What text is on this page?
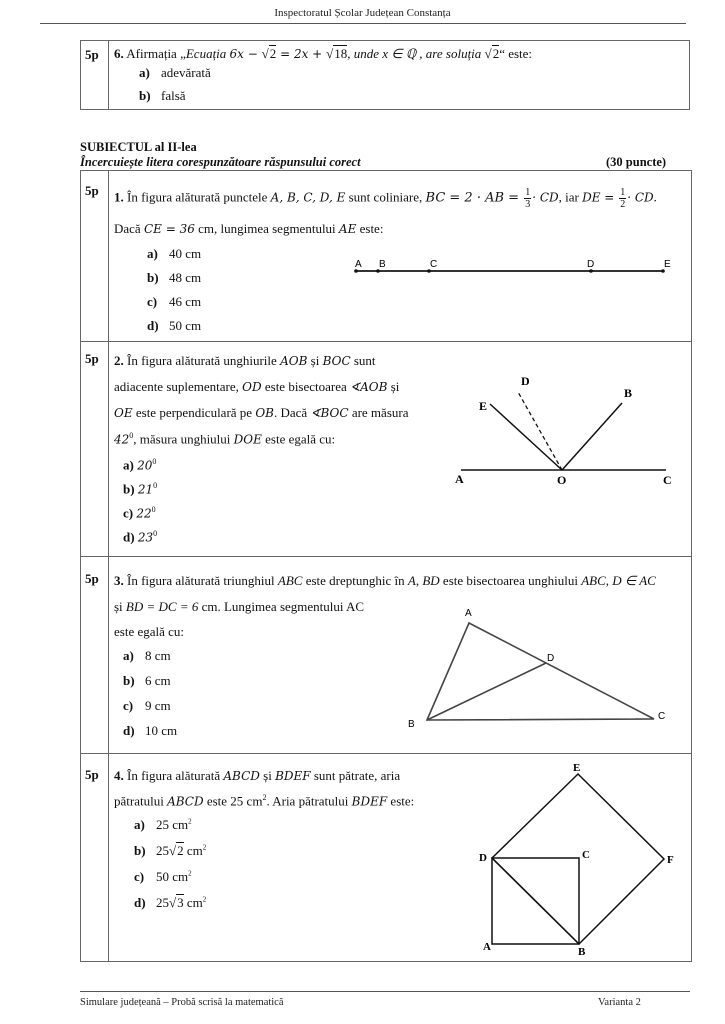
Inspectoratul Școlar Județean Constanța
5p 6. Afirmația „Ecuația 6x − √2 = 2x + √18, unde x ∈ ℚ , are soluția √2“ este:
a) adevărată
b) falsă
SUBIECTUL al II-lea
Încercuiește litera corespunzătoare răspunsului corect	(30 puncte)
5p 1. În figura alăturată punctele A, B, C, D, E sunt coliniare, BC = 2 · AB = $\frac{1}{3}$ · CD, iar DE = $\frac{1}{2}$ · CD.
Dacă CE = 36 cm, lungimea segmentului AE este:
a) 40 cm
b) 48 cm
c) 46 cm
d) 50 cm
A B	C	D	E
5p 2. În figura alăturată unghiurile AOB și BOC sunt
adiacente suplementare, OD este bisectoarea ∢AOB și
OE este perpendiculară pe OB. Dacă ∢BOC are măsura
$42^0$, măsura unghiului DOE este egală cu:
a) $20^0$
b) $21^0$
c) $22^0$
d) $23^0$
A	O	C
B
D
E
5p 3. În figura alăturată triunghiul ABC este dreptunghic în A, BD este bisectoarea unghiului ABC, D ∈ AC
și BD = DC = 6 cm. Lungimea segmentului AC
este egală cu:
a) 8 cm
b) 6 cm
c) 9 cm
d) 10 cm
A
B
C
D
5p 4. În figura alăturată ABCD și BDEF sunt pătrate, aria
pătratului ABCD este 25 $cm^2$. Aria pătratului BDEF este:
a) 25 $cm^2$
b) 25√2 $cm^2$
c) 50 $cm^2$
d) 25√3 $cm^2$
A	B
C
D
E
F
Simulare județeană – Probă scrisă la matematică	Varianta 2
